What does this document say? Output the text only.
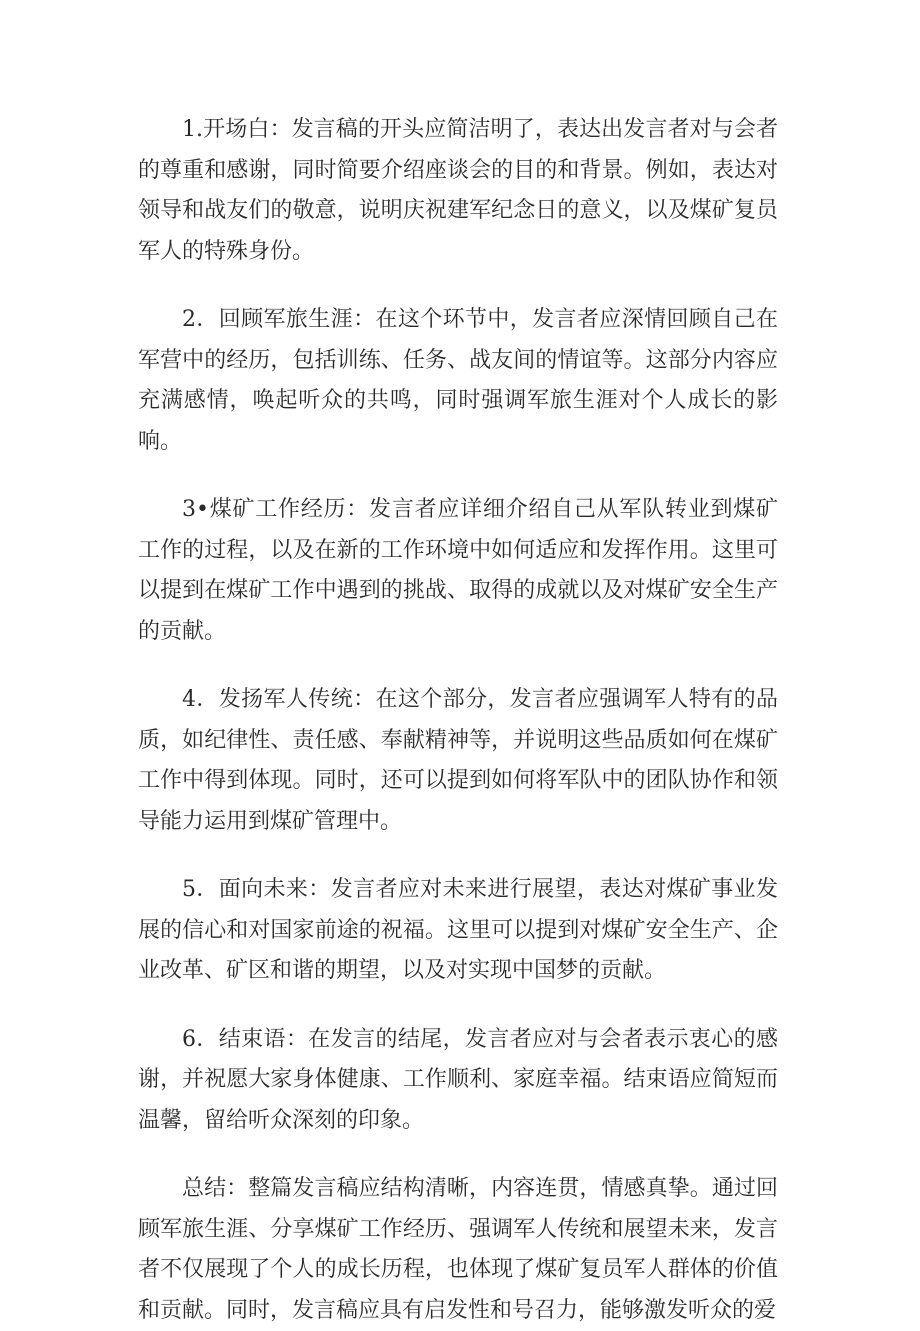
1.开场白：发言稿的开头应简洁明了，表达出发言者对与会者的尊重和感谢，同时简要介绍座谈会的目的和背景。例如，表达对领导和战友们的敬意，说明庆祝建军纪念日的意义，以及煤矿复员军人的特殊身份。

2．回顾军旅生涯：在这个环节中，发言者应深情回顾自己在军营中的经历，包括训练、任务、战友间的情谊等。这部分内容应充满感情，唤起听众的共鸣，同时强调军旅生涯对个人成长的影响。

3•煤矿工作经历：发言者应详细介绍自己从军队转业到煤矿工作的过程，以及在新的工作环境中如何适应和发挥作用。这里可以提到在煤矿工作中遇到的挑战、取得的成就以及对煤矿安全生产的贡献。

4．发扬军人传统：在这个部分，发言者应强调军人特有的品质，如纪律性、责任感、奉献精神等，并说明这些品质如何在煤矿工作中得到体现。同时，还可以提到如何将军队中的团队协作和领导能力运用到煤矿管理中。

5．面向未来：发言者应对未来进行展望，表达对煤矿事业发展的信心和对国家前途的祝福。这里可以提到对煤矿安全生产、企业改革、矿区和谐的期望，以及对实现中国梦的贡献。

6．结束语：在发言的结尾，发言者应对与会者表示衷心的感谢，并祝愿大家身体健康、工作顺利、家庭幸福。结束语应简短而温馨，留给听众深刻的印象。

总结：整篇发言稿应结构清晰，内容连贯，情感真挚。通过回顾军旅生涯、分享煤矿工作经历、强调军人传统和展望未来，发言者不仅展现了个人的成长历程，也体现了煤矿复员军人群体的价值和贡献。同时，发言稿应具有启发性和号召力，能够激发听众的爱
